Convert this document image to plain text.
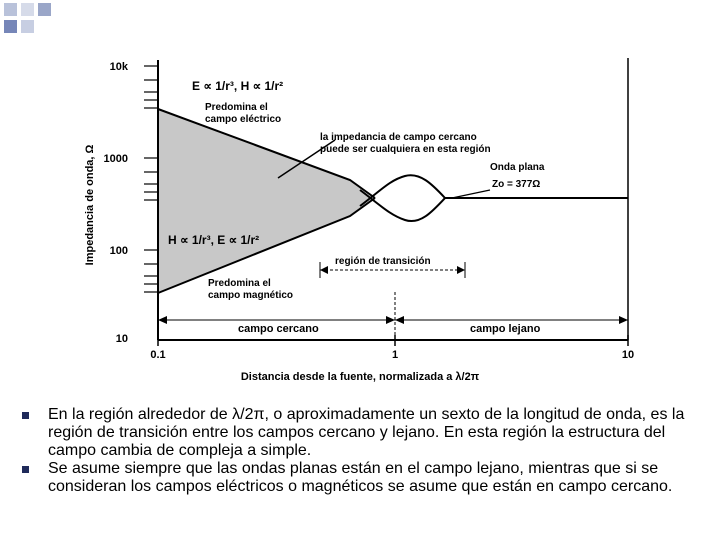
10k
1000
100
10
Impedancia de onda, Ω
0.1	1	10
Distancia desde la fuente, normalizada a λ/2π
E ∝ 1/r³, H ∝ 1/r²
Predomina el
campo eléctrico
la impedancia de campo cercano
puede ser cualquiera en esta región
Onda plana
Zo = 377Ω
H ∝ 1/r³, E ∝ 1/r²
Predomina el
campo magnético
región de transición
campo cercano	campo lejano
En la región alrededor de λ/2π, o aproximadamente un sexto de la longitud de onda, es la región de transición entre los campos cercano y lejano. En esta región la estructura del campo cambia de compleja a simple.
Se asume siempre que las ondas planas están en el campo lejano, mientras que si se consideran los campos eléctricos o magnéticos se asume que están en campo cercano.
